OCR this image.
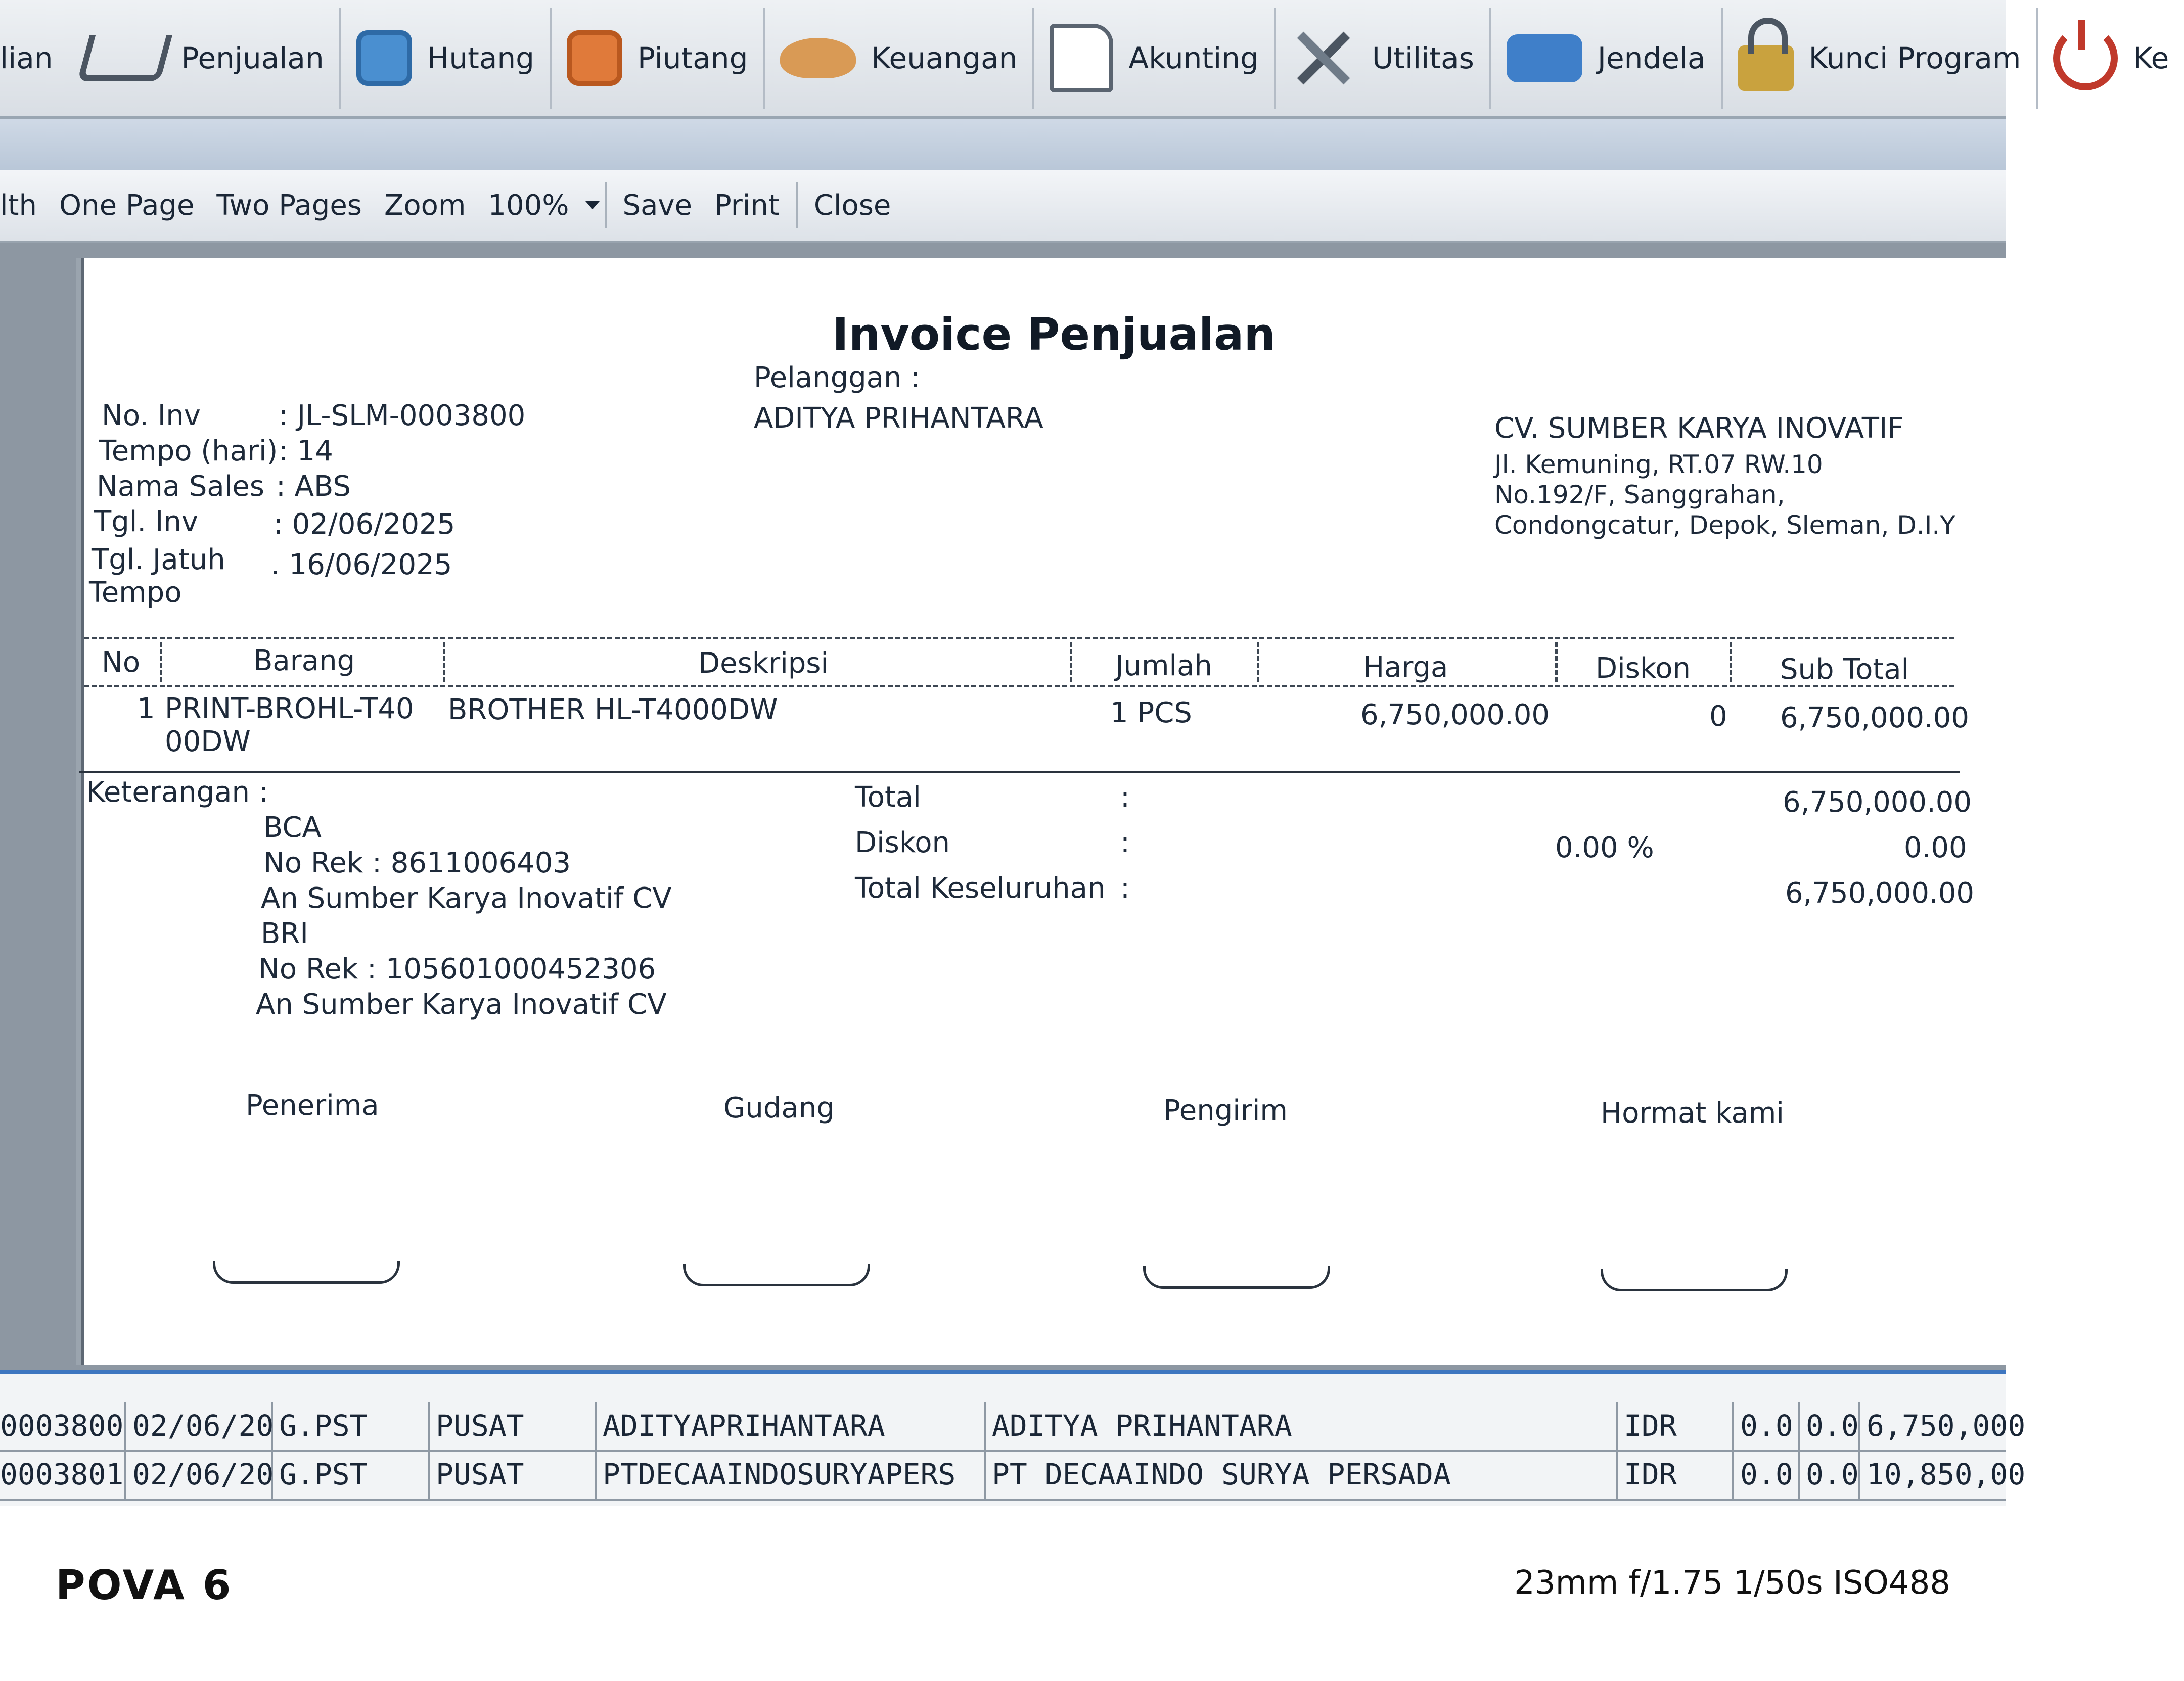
lian	Penjualan	Hutang	Piutang	Keuangan	Akunting	Utilitas	Jendela	Kunci Program	Ke
lth One Page Two Pages Zoom 100%	Save Print	Close
Invoice Penjualan
Pelanggan :
ADITYA PRIHANTARA
No. Inv	: JL-SLM-0003800
Tempo (hari) : 14
Nama Sales : ABS
Tgl. Inv	: 02/06/2025
Tgl. Jatuh
Tempo
. 16/06/2025
CV. SUMBER KARYA INOVATIF
Jl. Kemuning, RT.07 RW.10
No.192/F, Sanggrahan,
Condongcatur, Depok, Sleman, D.I.Y
No	Barang	Deskripsi	Jumlah	Harga	Diskon	Sub Total
1 PRINT-BROHL-T40
00DW
BROTHER HL-T4000DW	1 PCS	6,750,000.00	0 6,750,000.00
Keterangan :
BCA
No Rek : 8611006403
An Sumber Karya Inovatif CV
BRI
No Rek : 105601000452306
An Sumber Karya Inovatif CV
Total	:	6,750,000.00
Diskon	:	0.00 %	0.00
Total Keseluruhan :	6,750,000.00
Penerima	Gudang	Pengirim	Hormat kami
0003800 02/06/20 G.PST	PUSAT	ADITYAPRIHANTARA	ADITYA PRIHANTARA	IDR	0.0 0.0 6,750,000
0003801 02/06/20 G.PST	PUSAT	PTDECAAINDOSURYAPERS	PT DECAAINDO SURYA PERSADA	IDR	0.0 0.0 10,850,00
POVA 6	23mm f/1.75 1/50s ISO488
